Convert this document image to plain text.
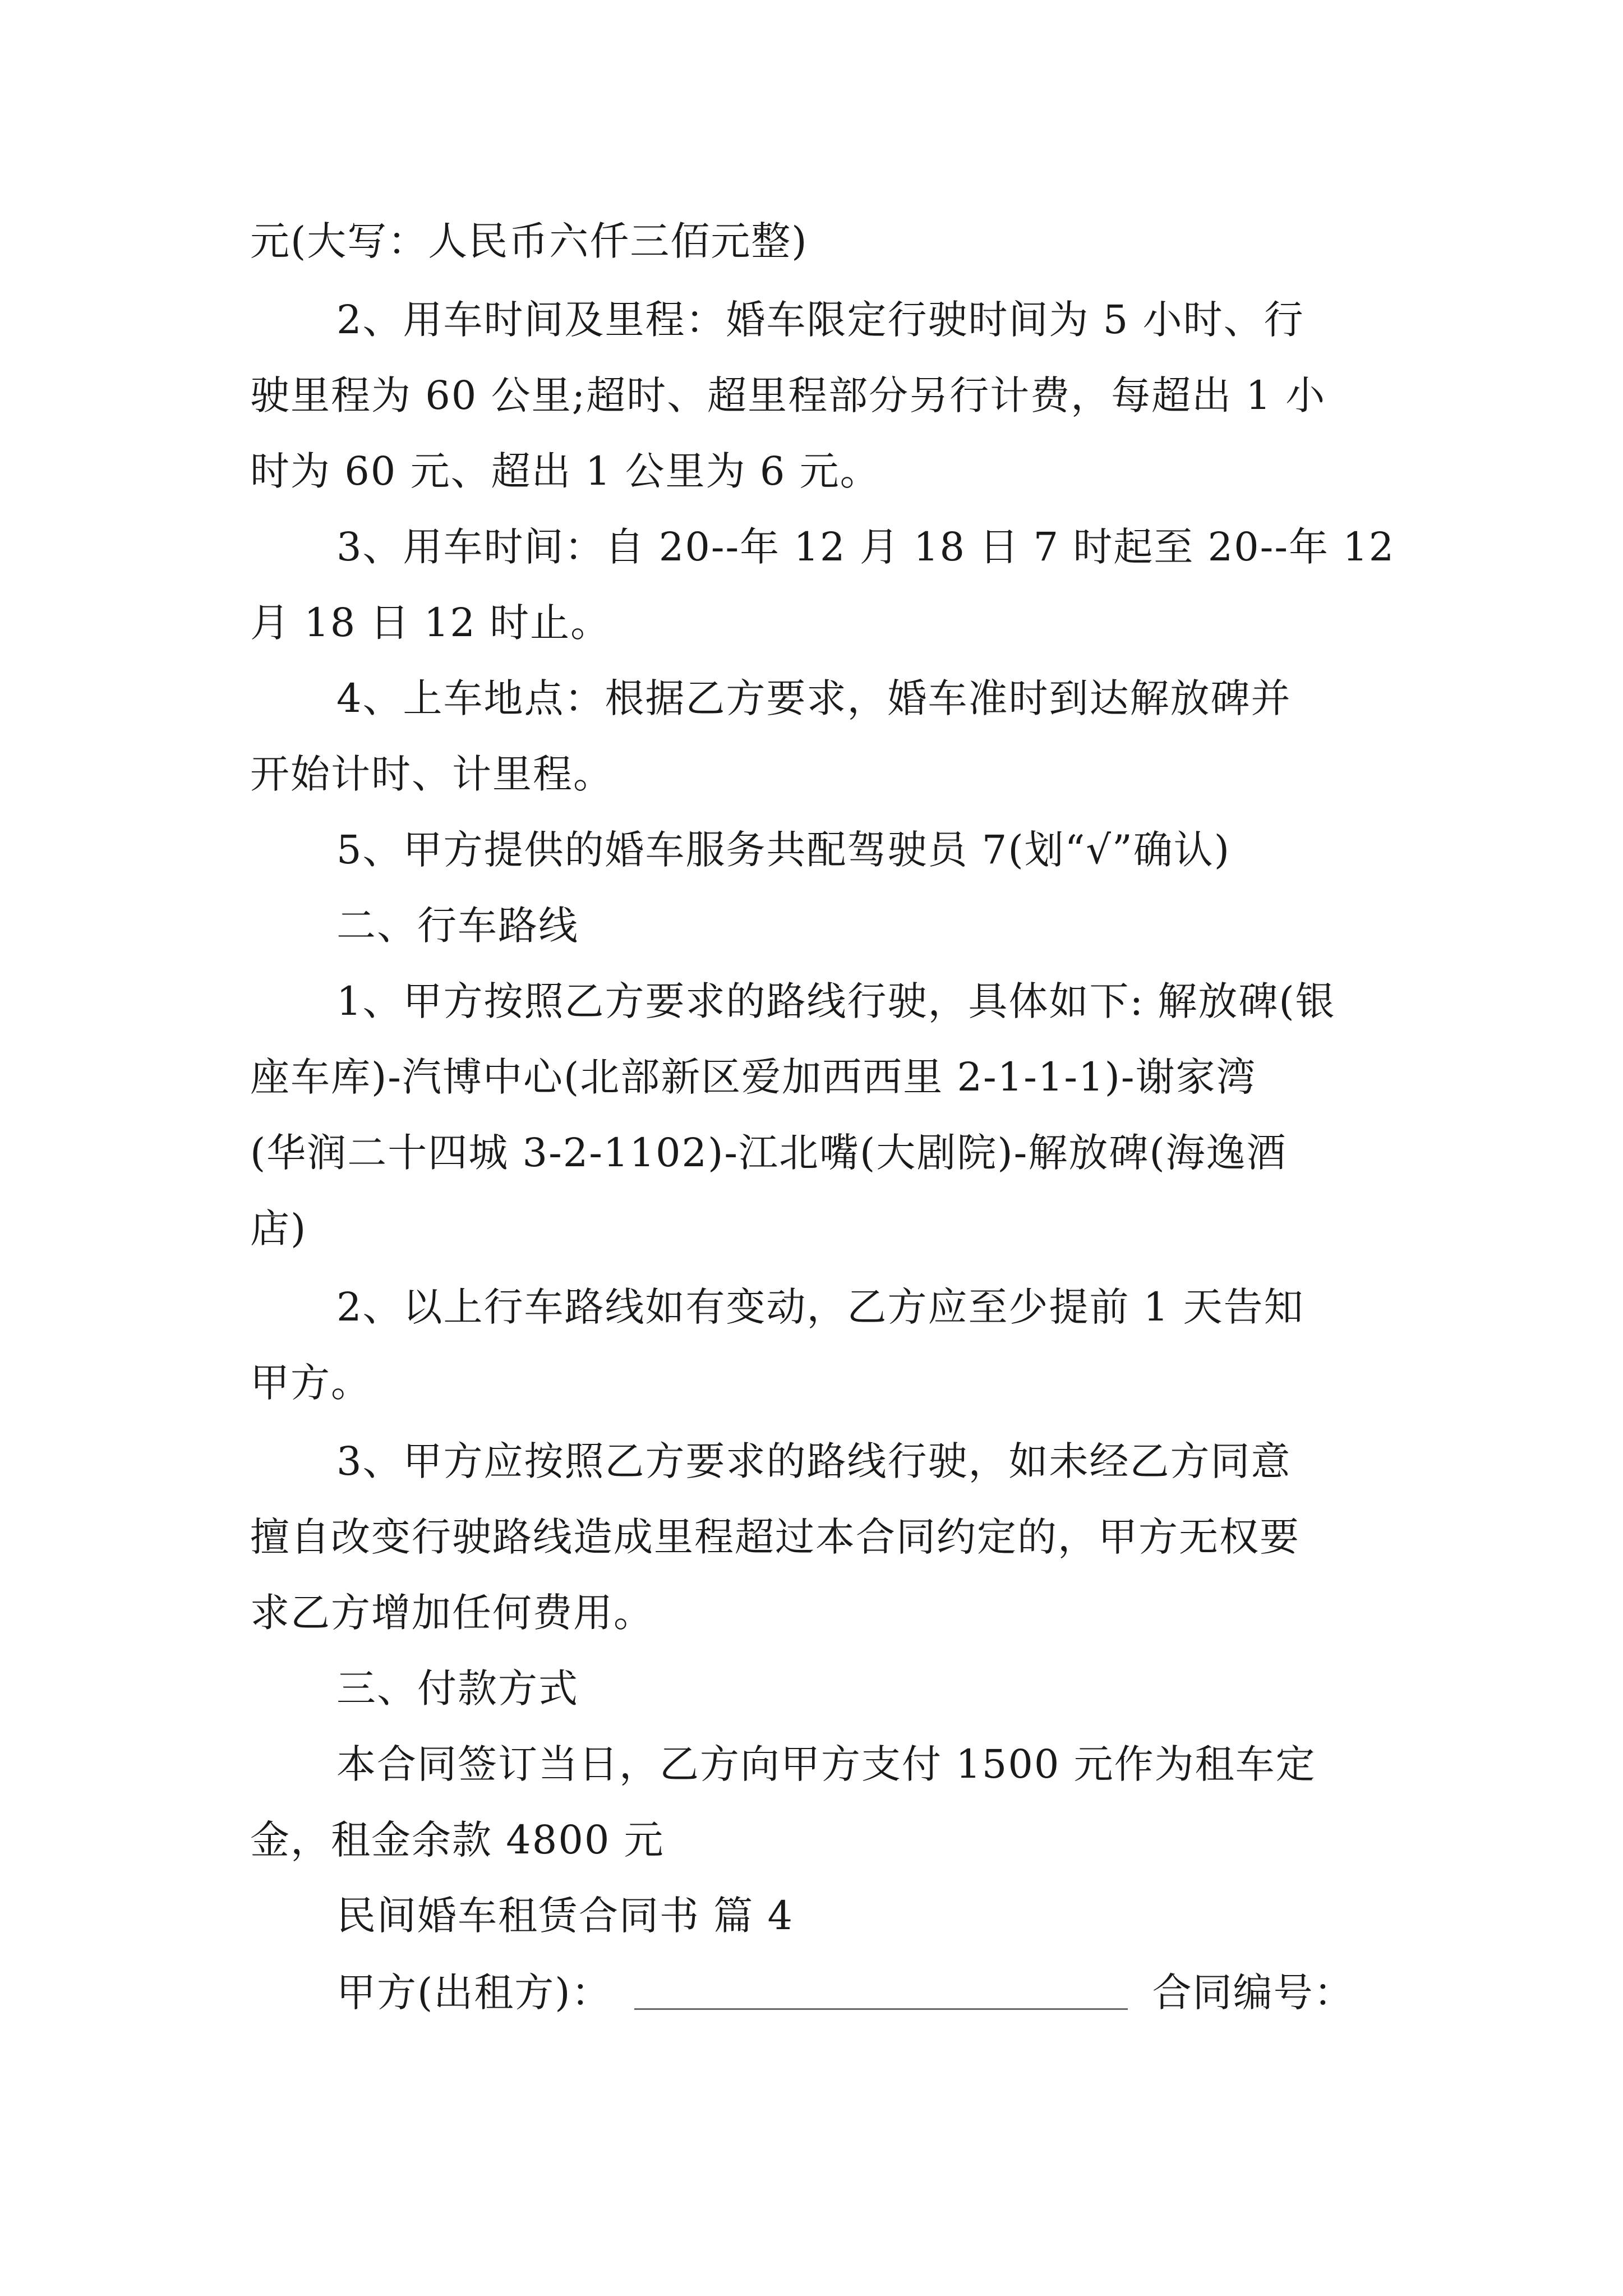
元(大写：人民币六仟三佰元整)
2、用车时间及里程：婚车限定行驶时间为 5 小时、行
驶里程为 60 公里;超时、超里程部分另行计费，每超出 1 小
时为 60 元、超出 1 公里为 6 元。
3、用车时间：自 20--年 12 月 18 日 7 时起至 20--年 12
月 18 日 12 时止。
4、上车地点：根据乙方要求，婚车准时到达解放碑并
开始计时、计里程。
5、甲方提供的婚车服务共配驾驶员 7(划“√”确认)
二、行车路线
1、甲方按照乙方要求的路线行驶，具体如下: 解放碑(银
座车库)-汽博中心(北部新区爱加西西里 2-1-1-1)-谢家湾
(华润二十四城 3-2-1102)-江北嘴(大剧院)-解放碑(海逸酒
店)
2、以上行车路线如有变动，乙方应至少提前 1 天告知
甲方。
3、甲方应按照乙方要求的路线行驶，如未经乙方同意
擅自改变行驶路线造成里程超过本合同约定的，甲方无权要
求乙方增加任何费用。
三、付款方式
本合同签订当日，乙方向甲方支付 1500 元作为租车定
金，租金余款 4800 元
民间婚车租赁合同书 篇 4
甲方(出租方)：	合同编号：
